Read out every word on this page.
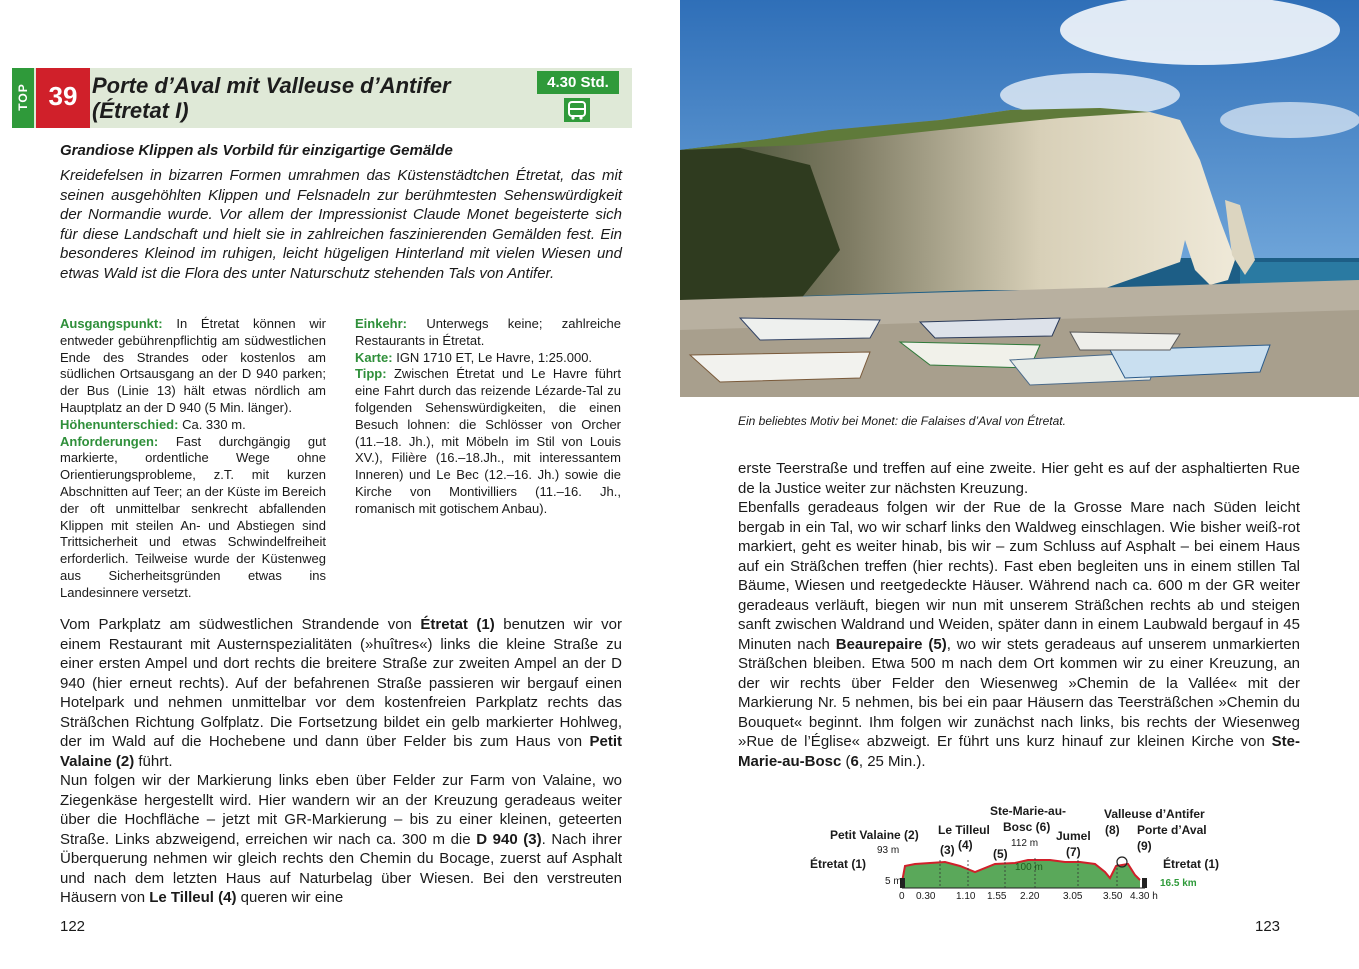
TOP 39 Porte d’Aval mit Valleuse d’Antifer
(Étretat I)
4.30 Std.
Grandiose Klippen als Vorbild für einzigartige Gemälde
Kreidefelsen in bizarren Formen umrahmen das Küstenstädtchen Étretat, das mit seinen ausgehöhlten Klippen und Felsnadeln zur berühmtesten Sehenswürdigkeit der Normandie wurde. Vor allem der Impressionist Claude Monet begeisterte sich für diese Landschaft und hielt sie in zahlreichen faszinierenden Gemälden fest. Ein besonderes Kleinod im ruhigen, leicht hügeligen Hinterland mit vielen Wiesen und etwas Wald ist die Flora des unter Naturschutz stehenden Tals von Antifer.

Ausgangspunkt: In Étretat können wir entweder gebührenpflichtig am südwestlichen Ende des Strandes oder kostenlos am südlichen Ortsausgang an der D 940 parken; der Bus (Linie 13) hält etwas nördlich am Hauptplatz an der D 940 (5 Min. länger).

Höhenunterschied: Ca. 330 m.

Anforderungen: Fast durchgängig gut markierte, ordentliche Wege ohne Orientierungsprobleme, z.T. mit kurzen Abschnitten auf Teer; an der Küste im Bereich der oft unmittelbar senkrecht abfallenden Klippen mit steilen An- und Abstiegen sind Trittsicherheit und etwas Schwindelfreiheit erforderlich. Teilweise wurde der Küstenweg aus Sicherheitsgründen etwas ins Landesinnere versetzt.

Vom Parkplatz am südwestlichen Strandende von Étretat (1) benutzen wir vor einem Restaurant mit Austernspezialitäten (»huîtres«) links die kleine Straße zu einer ersten Ampel und dort rechts die breitere Straße zur zweiten Ampel an der D 940 (hier erneut rechts). Auf der befahrenen Straße passieren wir bergauf einen Hotelpark und nehmen unmittelbar vor dem kostenfreien Parkplatz rechts das Sträßchen Richtung Golfplatz. Die Fortsetzung bildet ein gelb markierter Hohlweg, der im Wald auf die Hochebene und dann über Felder bis zum Haus von Petit Valaine (2) führt.

Nun folgen wir der Markierung links eben über Felder zur Farm von Valaine, wo Ziegenkäse hergestellt wird. Hier wandern wir an der Kreuzung geradeaus weiter über die Hochfläche – jetzt mit GR-Markierung – bis zu einer kleinen, geteerten Straße. Links abzweigend, erreichen wir nach ca. 300 m die D 940 (3). Nach ihrer Überquerung nehmen wir gleich rechts den Chemin du Bocage, zuerst auf Asphalt und nach dem letzten Haus auf Naturbelag über Wiesen. Bei den verstreuten Häusern von Le Tilleul (4) queren wir eine

122
Ein beliebtes Motiv bei Monet: die Falaises d’Aval von Étretat.

erste Teerstraße und treffen auf eine zweite. Hier geht es auf der asphaltierten Rue de la Justice weiter zur nächsten Kreuzung.

Ebenfalls geradeaus folgen wir der Rue de la Grosse Mare nach Süden leicht bergab in ein Tal, wo wir scharf links den Waldweg einschlagen. Wie bisher weiß-rot markiert, geht es weiter hinab, bis wir – zum Schluss auf Asphalt – bei einem Haus auf ein Sträßchen treffen (hier rechts). Fast eben begleiten uns in einem stillen Tal Bäume, Wiesen und reetgedeckte Häuser. Während nach ca. 600 m der GR weiter geradeaus verläuft, biegen wir nun mit unserem Sträßchen rechts ab und steigen sanft zwischen Waldrand und Weiden, später dann in einem Laubwald bergauf in 45 Minuten nach Beaurepaire (5), wo wir stets geradeaus auf unserem unmarkierten Sträßchen bleiben. Etwa 500 m nach dem Ort kommen wir zu einer Kreuzung, an der wir rechts über Felder den Wiesenweg »Chemin de la Vallée« mit der Markierung Nr. 5 nehmen, bis bei ein paar Häusern das Teersträßchen »Chemin du Bouquet« beginnt. Ihm folgen wir zunächst nach links, bis rechts der Wiesenweg »Rue de l’Église« abzweigt. Er führt uns kurz hinauf zur kleinen Kirche von Ste-Marie-au-Bosc (6, 25 Min.).

Étretat (1)
Petit Valaine (2) Le Tilleul
(3) (4)
(5)
Ste-Marie-au-
Bosc (6)
Jumel
(7)
Valleuse d’Antifer
(8) Porte d’Aval
(9)
Étretat (1)
93 m
112 m
100 m
5 m	16.5 km
0 0.30 1.10 1.55 2.20 3.05 3.50 4.30 h
123

Einkehr: Unterwegs keine; zahlreiche Restaurants in Étretat.

Karte: IGN 1710 ET, Le Havre, 1:25.000.

Tipp: Zwischen Étretat und Le Havre führt eine Fahrt durch das reizende Lézarde-Tal zu folgenden Sehenswürdigkeiten, die einen Besuch lohnen: die Schlösser von Orcher (11.–18. Jh.), mit Möbeln im Stil von Louis XV.), Filière (16.–18.Jh., mit interessantem Inneren) und Le Bec (12.–16. Jh.) sowie die Kirche von Montivilliers (11.–16. Jh., romanisch mit gotischem Anbau).
